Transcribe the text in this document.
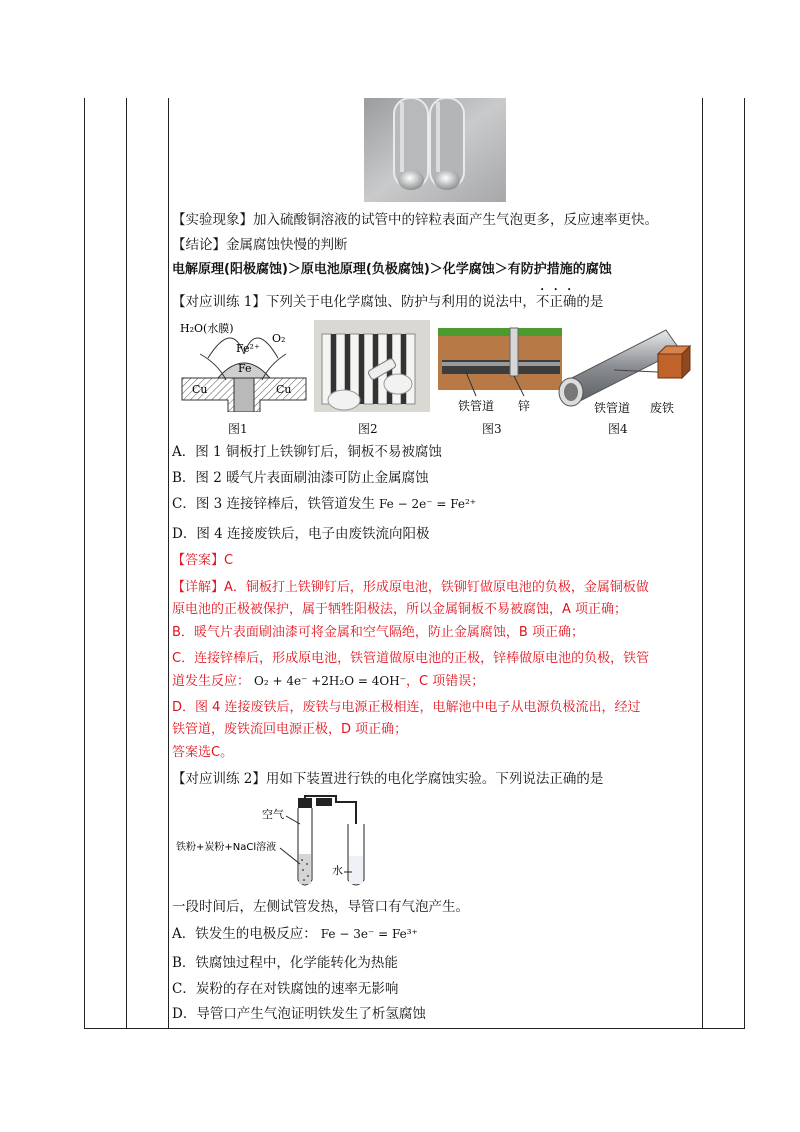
【实验现象】加入硫酸铜溶液的试管中的锌粒表面产生气泡更多，反应速率更快。
【结论】金属腐蚀快慢的判断
电解原理(阳极腐蚀)＞原电池原理(负极腐蚀)＞化学腐蚀＞有防护措施的腐蚀
【对应训练 1】下列关于电化学腐蚀、防护与利用的说法中，不正确的是
H₂O(水膜)
O₂
Fe²⁺
Fe
Cu	Cu
图1	图2
铁管道 锌
图3
铁管道 废铁
图4
A．图 1 铜板打上铁铆钉后，铜板不易被腐蚀
B．图 2 暖气片表面刷油漆可防止金属腐蚀
C．图 3 连接锌棒后，铁管道发生 Fe − 2e⁻ = Fe²⁺
D．图 4 连接废铁后，电子由废铁流向阳极
【答案】C
【详解】A．铜板打上铁铆钉后，形成原电池，铁铆钉做原电池的负极，金属铜板做
原电池的正极被保护，属于牺牲阳极法，所以金属铜板不易被腐蚀，A 项正确；
B．暖气片表面刷油漆可将金属和空气隔绝，防止金属腐蚀，B 项正确；
C．连接锌棒后，形成原电池，铁管道做原电池的正极，锌棒做原电池的负极，铁管
道发生反应： O₂ + 4e⁻ +2H₂O = 4OH⁻，C 项错误；
D．图 4 连接废铁后，废铁与电源正极相连，电解池中电子从电源负极流出，经过
铁管道，废铁流回电源正极，D 项正确；
答案选C。
【对应训练 2】用如下装置进行铁的电化学腐蚀实验。下列说法正确的是
空气
铁粉+炭粉+NaCl溶液
水
一段时间后，左侧试管发热，导管口有气泡产生。
A．铁发生的电极反应： Fe − 3e⁻ = Fe³⁺
B．铁腐蚀过程中，化学能转化为热能
C．炭粉的存在对铁腐蚀的速率无影响
D．导管口产生气泡证明铁发生了析氢腐蚀
